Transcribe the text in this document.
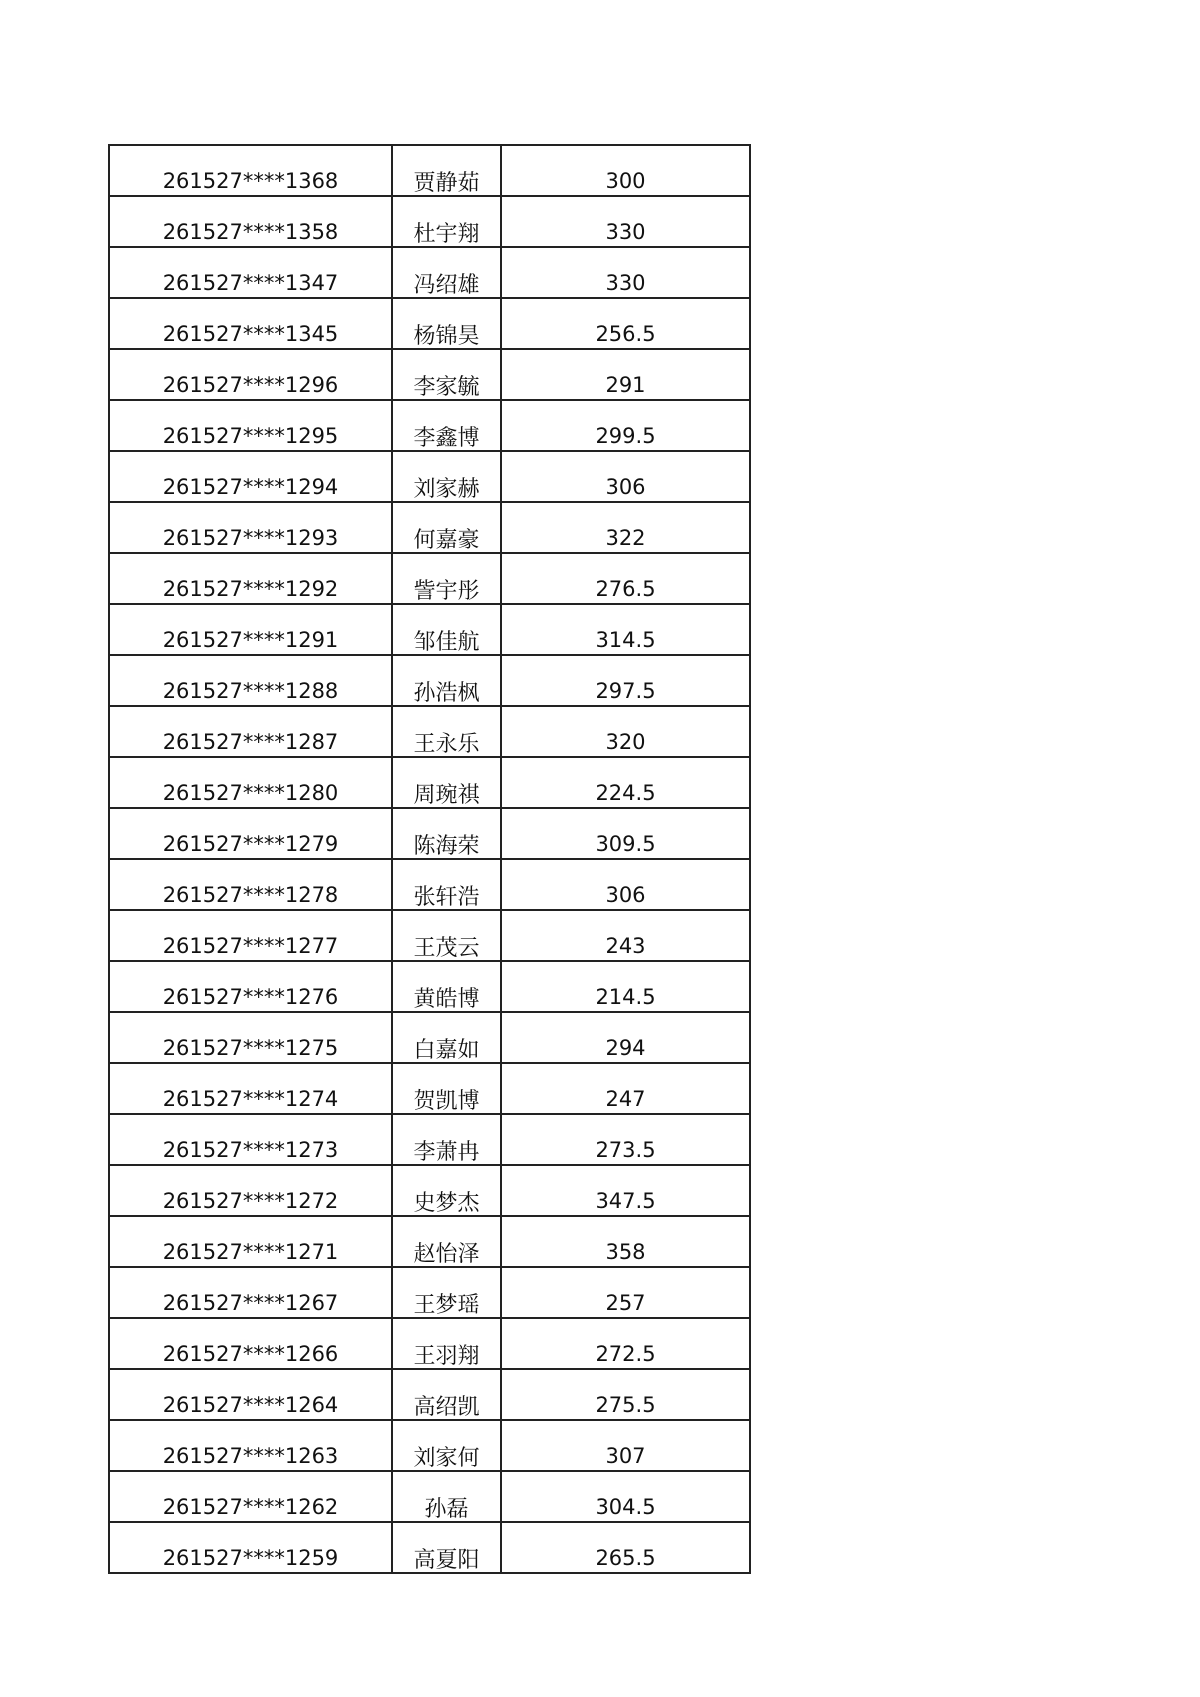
261527****1368	贾静茹	300
261527****1358	杜宇翔	330
261527****1347	冯绍雄	330
261527****1345	杨锦昊	256.5
261527****1296	李家毓	291
261527****1295	李鑫博	299.5
261527****1294	刘家赫	306
261527****1293	何嘉豪	322
261527****1292	訾宇彤	276.5
261527****1291	邹佳航	314.5
261527****1288	孙浩枫	297.5
261527****1287	王永乐	320
261527****1280	周琬祺	224.5
261527****1279	陈海荣	309.5
261527****1278	张轩浩	306
261527****1277	王茂云	243
261527****1276	黄皓博	214.5
261527****1275	白嘉如	294
261527****1274	贺凯博	247
261527****1273	李萧冉	273.5
261527****1272	史梦杰	347.5
261527****1271	赵怡泽	358
261527****1267	王梦瑶	257
261527****1266	王羽翔	272.5
261527****1264	高绍凯	275.5
261527****1263	刘家何	307
261527****1262	孙磊	304.5
261527****1259	高夏阳	265.5
